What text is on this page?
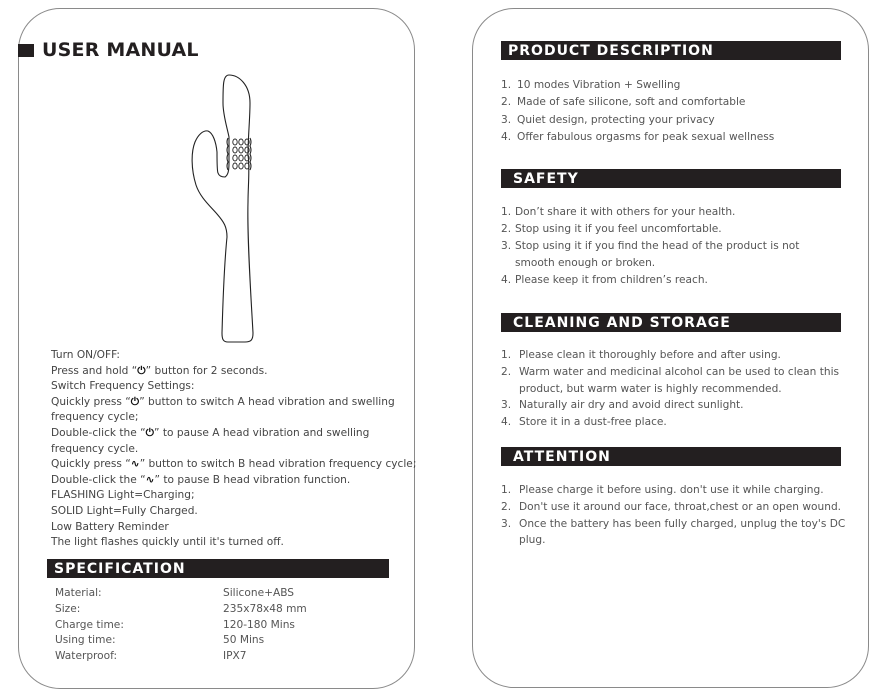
USER MANUAL
Turn ON/OFF:
Press and hold “⏻” button for 2 seconds.
Switch Frequency Settings:
Quickly press “⏻” button to switch A head vibration and swelling
frequency cycle;
Double-click the “⏻” to pause A head vibration and swelling
frequency cycle.
Quickly press “∿” button to switch B head vibration frequency cycle;
Double-click the “∿” to pause B head vibration function.
FLASHING Light=Charging;
SOLID Light=Fully Charged.
Low Battery Reminder
The light flashes quickly until it's turned off.
SPECIFICATION
Material:	Silicone+ABS
Size:	235x78x48 mm
Charge time:	120-180 Mins
Using time:	50 Mins
Waterproof:	IPX7
PRODUCT DESCRIPTION
1. 10 modes Vibration + Swelling
2. Made of safe silicone, soft and comfortable
3. Quiet design, protecting your privacy
4. Offer fabulous orgasms for peak sexual wellness
SAFETY
1. Don’t share it with others for your health.
2. Stop using it if you feel uncomfortable.
3. Stop using it if you find the head of the product is not smooth enough or broken.
4. Please keep it from children’s reach.
CLEANING AND STORAGE
1. Please clean it thoroughly before and after using.
2. Warm water and medicinal alcohol can be used to clean this product, but warm water is highly recommended.
3. Naturally air dry and avoid direct sunlight.
4. Store it in a dust-free place.
ATTENTION
1. Please charge it before using. don't use it while charging.
2. Don't use it around our face, throat,chest or an open wound.
3. Once the battery has been fully charged, unplug the toy's DC plug.
